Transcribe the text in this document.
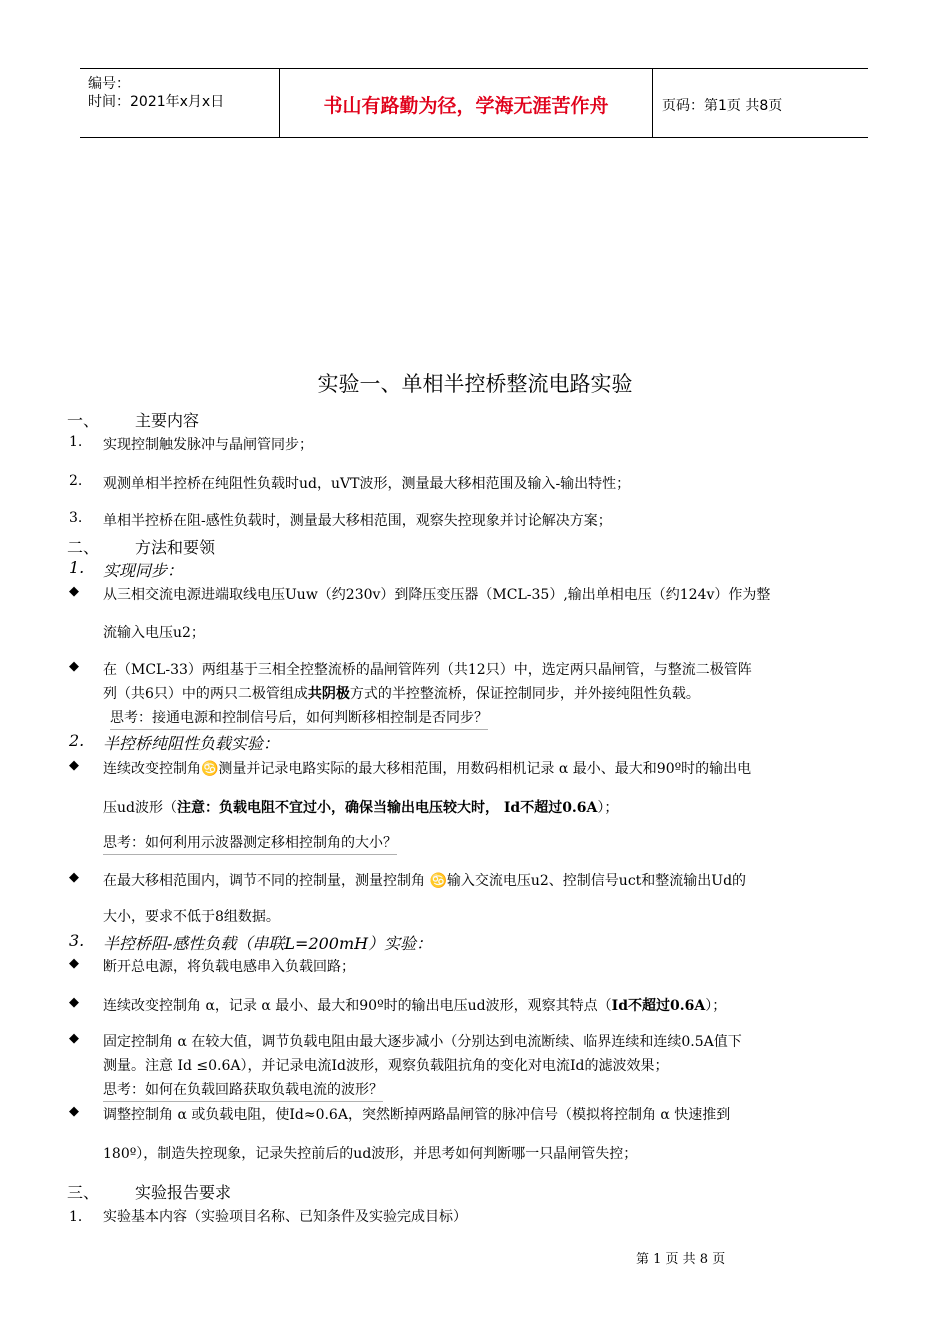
编号：
时间：2021年x月x日	书山有路勤为径，学海无涯苦作舟	页码：第1页 共8页
实验一、单相半控桥整流电路实验
一、 主要内容
1. 实现控制触发脉冲与晶闸管同步；
2. 观测单相半控桥在纯阻性负载时ud，uVT波形，测量最大移相范围及输入-输出特性；
3. 单相半控桥在阻-感性负载时，测量最大移相范围，观察失控现象并讨论解决方案；
二、 方法和要领
1. 实现同步：
◆ 从三相交流电源进端取线电压Uuw（约230v）到降压变压器（MCL-35）,输出单相电压（约124v）作为整
流输入电压u2；
◆ 在（MCL-33）两组基于三相全控整流桥的晶闸管阵列（共12只）中，选定两只晶闸管，与整流二极管阵
列（共6只）中的两只二极管组成共阴极方式的半控整流桥，保证控制同步，并外接纯阻性负载。
思考：接通电源和控制信号后，如何判断移相控制是否同步？
2. 半控桥纯阻性负载实验：
◆ 连续改变控制角♋测量并记录电路实际的最大移相范围，用数码相机记录 α 最小、最大和90º时的输出电
压ud波形（注意：负载电阻不宜过小，确保当输出电压较大时， Id不超过0.6A）；
思考：如何利用示波器测定移相控制角的大小？
◆ 在最大移相范围内，调节不同的控制量，测量控制角 ♋输入交流电压u2、控制信号uct和整流输出Ud的
大小，要求不低于8组数据。
3. 半控桥阻-感性负载（串联L=200mH）实验：
◆ 断开总电源，将负载电感串入负载回路；
◆ 连续改变控制角 α，记录 α 最小、最大和90º时的输出电压ud波形，观察其特点（Id不超过0.6A）；
◆ 固定控制角 α 在较大值，调节负载电阻由最大逐步减小（分别达到电流断续、临界连续和连续0.5A值下
测量。注意 Id ≤0.6A），并记录电流Id波形，观察负载阻抗角的变化对电流Id的滤波效果；
思考：如何在负载回路获取负载电流的波形？
◆ 调整控制角 α 或负载电阻，使Id≈0.6A，突然断掉两路晶闸管的脉冲信号（模拟将控制角 α 快速推到
180º），制造失控现象，记录失控前后的ud波形，并思考如何判断哪一只晶闸管失控；
三、 实验报告要求
1． 实验基本内容（实验项目名称、已知条件及实验完成目标）
第 1 页 共 8 页
